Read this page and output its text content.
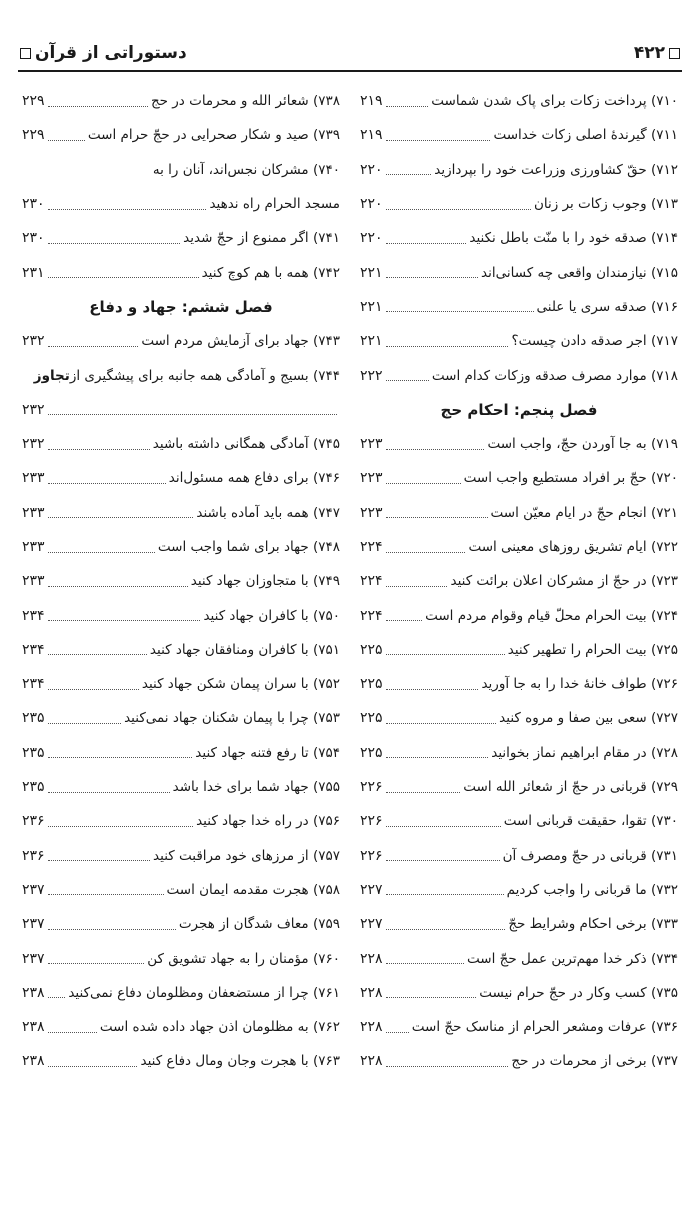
۴۲۲
دستوراتی از قرآن
۷۱۰) پرداخت زکات برای پاک شدن شماست
۲۱۹
۷۱۱) گیرندهٔ اصلی زکات خداست
۲۱۹
۷۱۲) حقّ کشاورزی وزراعت خود را بپردازید
۲۲۰
۷۱۳) وجوب زکات بر زنان
۲۲۰
۷۱۴) صدقه خود را با منّت باطل نکنید
۲۲۰
۷۱۵) نیازمندان واقعی چه کسانی‌اند
۲۲۱
۷۱۶) صدقه سری یا علنی
۲۲۱
۷۱۷) اجر صدقه دادن چیست؟
۲۲۱
۷۱۸) موارد مصرف صدقه وزکات کدام است
۲۲۲
فصل پنجم: احکام حج
۷۱۹) به جا آوردن حجّ، واجب است
۲۲۳
۷۲۰) حجّ بر افراد مستطیع واجب است
۲۲۳
۷۲۱) انجام حجّ در ایام معیّن است
۲۲۳
۷۲۲) ایام تشریق روزهای معینی است
۲۲۴
۷۲۳) در حجّ از مشرکان اعلان برائت کنید
۲۲۴
۷۲۴) بیت الحرام محلّ قیام وقوام مردم است
۲۲۴
۷۲۵) بیت الحرام را تطهیر کنید
۲۲۵
۷۲۶) طواف خانهٔ خدا را به جا آورید
۲۲۵
۷۲۷) سعی بین صفا و مروه کنید
۲۲۵
۷۲۸) در مقام ابراهیم نماز بخوانید
۲۲۵
۷۲۹) قربانی در حجّ از شعائر الله است
۲۲۶
۷۳۰) تقوا، حقیقت قربانی است
۲۲۶
۷۳۱) قربانی در حجّ ومصرف آن
۲۲۶
۷۳۲) ما قربانی را واجب کردیم
۲۲۷
۷۳۳) برخی احکام وشرایط حجّ
۲۲۷
۷۳۴) ذکر خدا مهم‌ترین عمل حجّ است
۲۲۸
۷۳۵) کسب وکار در حجّ حرام نیست
۲۲۸
۷۳۶) عرفات ومشعر الحرام از مناسک حجّ است
۲۲۸
۷۳۷) برخی از محرمات در حج
۲۲۸
۷۳۸) شعائر الله و محرمات در حج
۲۲۹
۷۳۹) صید و شکار صحرایی در حجّ حرام است
۲۲۹
۷۴۰) مشرکان نجس‌اند، آنان را به
مسجد الحرام راه ندهید
۲۳۰
۷۴۱) اگر ممنوع از حجّ شدید
۲۳۰
۷۴۲) همه با هم کوچ کنید
۲۳۱
فصل ششم: جهاد و دفاع
۷۴۳) جهاد برای آزمایش مردم است
۲۳۲
۷۴۴) بسیج و آمادگی همه جانبه برای پیشگیری از
تجاوز
۲۳۲
۷۴۵) آمادگی همگانی داشته باشید
۲۳۲
۷۴۶) برای دفاع همه مسئول‌اند
۲۳۳
۷۴۷) همه باید آماده باشند
۲۳۳
۷۴۸) جهاد برای شما واجب است
۲۳۳
۷۴۹) با متجاوزان جهاد کنید
۲۳۳
۷۵۰) با کافران جهاد کنید
۲۳۴
۷۵۱) با کافران ومنافقان جهاد کنید
۲۳۴
۷۵۲) با سران پیمان شکن جهاد کنید
۲۳۴
۷۵۳) چرا با پیمان شکنان جهاد نمی‌کنید
۲۳۵
۷۵۴) تا رفع فتنه جهاد کنید
۲۳۵
۷۵۵) جهاد شما برای خدا باشد
۲۳۵
۷۵۶) در راه خدا جهاد کنید
۲۳۶
۷۵۷) از مرزهای خود مراقبت کنید
۲۳۶
۷۵۸) هجرت مقدمه ایمان است
۲۳۷
۷۵۹) معاف شدگان از هجرت
۲۳۷
۷۶۰) مؤمنان را به جهاد تشویق کن
۲۳۷
۷۶۱) چرا از مستضعفان ومظلومان دفاع نمی‌کنید
۲۳۸
۷۶۲) به مظلومان اذن جهاد داده شده است
۲۳۸
۷۶۳) با هجرت وجان ومال دفاع کنید
۲۳۸
